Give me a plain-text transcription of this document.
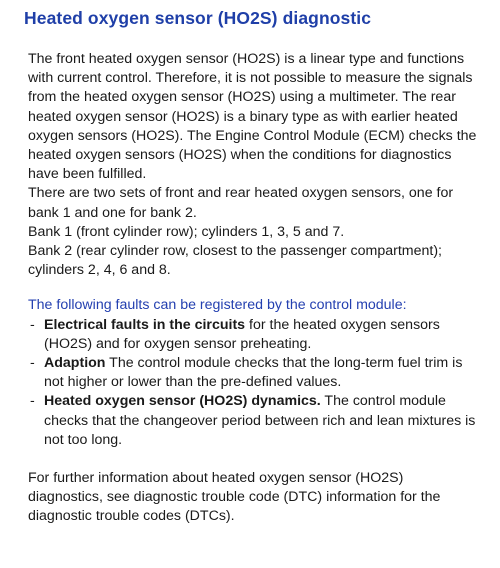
Heated oxygen sensor (HO2S) diagnostic

The front heated oxygen sensor (HO2S) is a linear type and functions with current control. Therefore, it is not possible to measure the signals from the heated oxygen sensor (HO2S) using a multimeter. The rear heated oxygen sensor (HO2S) is a binary type as with earlier heated oxygen sensors (HO2S). The Engine Control Module (ECM) checks the heated oxygen sensors (HO2S) when the conditions for diagnostics have been fulfilled.

There are two sets of front and rear heated oxygen sensors, one for bank 1 and one for bank 2.

Bank 1 (front cylinder row); cylinders 1, 3, 5 and 7.

Bank 2 (rear cylinder row, closest to the passenger compartment); cylinders 2, 4, 6 and 8.

The following faults can be registered by the control module:

- Electrical faults in the circuits for the heated oxygen sensors (HO2S) and for oxygen sensor preheating.
- Adaption The control module checks that the long-term fuel trim is not higher or lower than the pre-defined values.
- Heated oxygen sensor (HO2S) dynamics. The control module checks that the changeover period between rich and lean mixtures is not too long.

For further information about heated oxygen sensor (HO2S) diagnostics, see diagnostic trouble code (DTC) information for the diagnostic trouble codes (DTCs).
